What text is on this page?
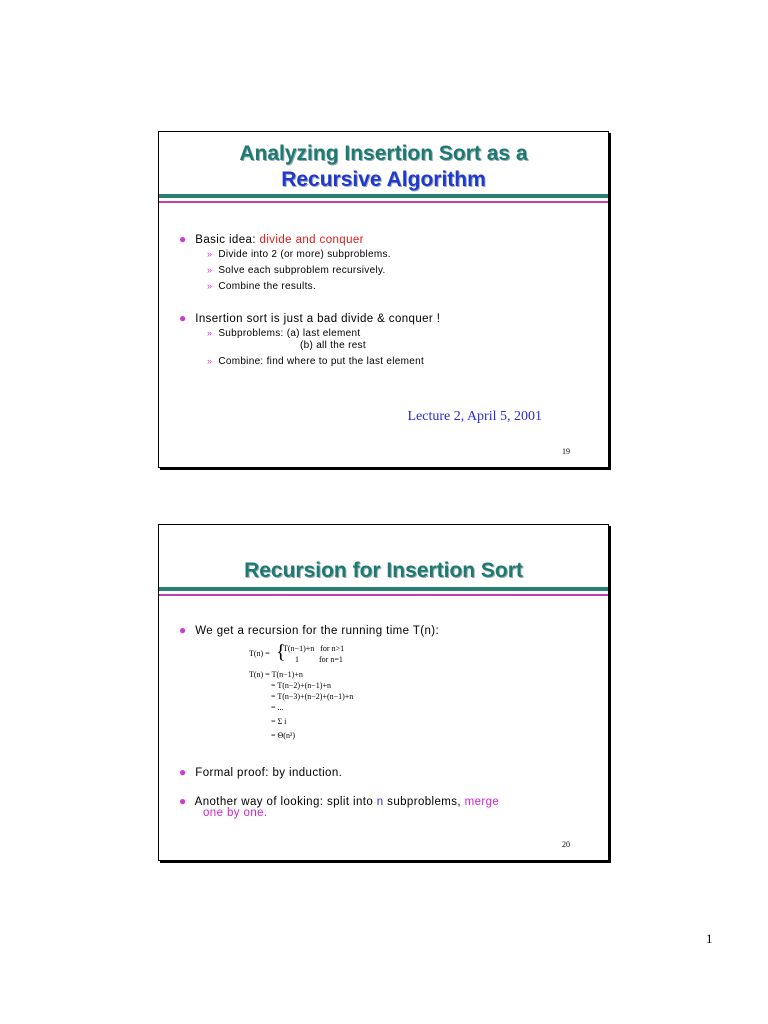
Analyzing Insertion Sort as a
Recursive Algorithm
● Basic idea: divide and conquer
» Divide into 2 (or more) subproblems.
» Solve each subproblem recursively.
» Combine the results.
● Insertion sort is just a bad divide & conquer !
» Subproblems: (a) last element
(b) all the rest
» Combine: find where to put the last element
Lecture 2, April 5, 2001
19
Recursion for Insertion Sort
● We get a recursion for the running time T(n):

T(n) =

{

T(n−1)+n   for n>1

1          for n=1

T(n) = T(n−1)+n
= T(n−2)+(n−1)+n
= T(n−3)+(n−2)+(n−1)+n
= ...
= Σ i
= Θ(n²)
● Formal proof: by induction.
● Another way of looking: split into n subproblems, merge
one by one.
20
1
